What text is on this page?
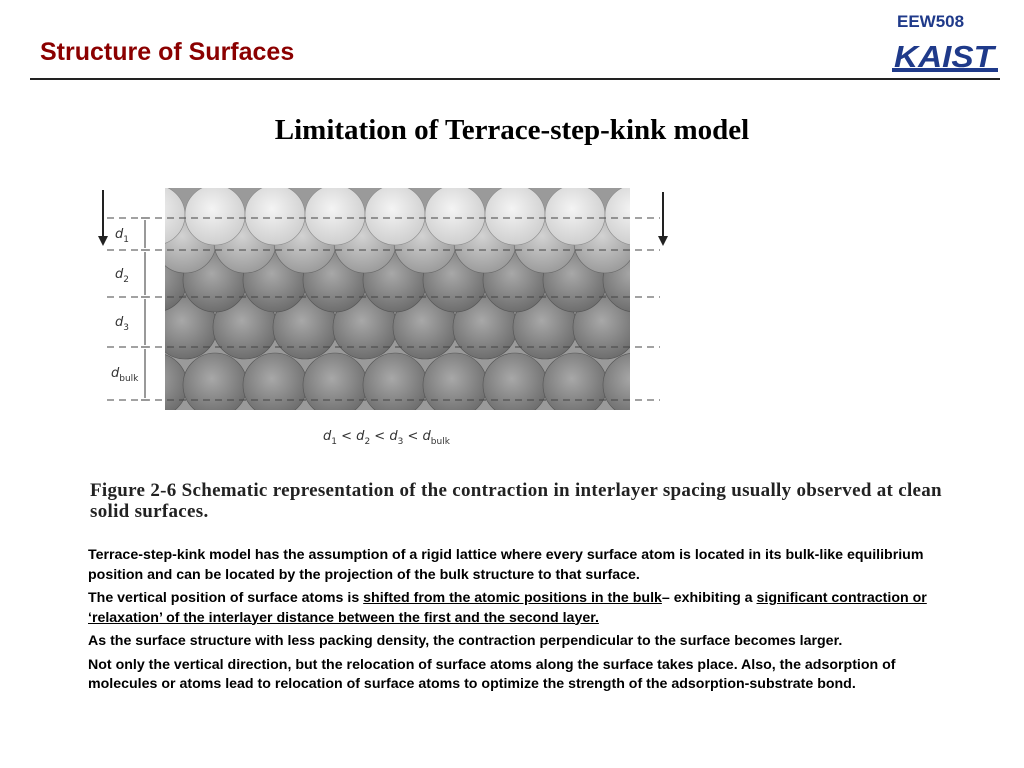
Structure of Surfaces
EEW508
KAIST
Limitation of Terrace-step-kink model
$d_1$
$d_2$
$d_3$
$d_{bulk}$
$d_1 < d_2 < d_3 < d_{bulk}$
Figure 2-6 Schematic representation of the contraction in interlayer spacing usually observed at clean solid surfaces.

Terrace-step-kink model has the assumption of a rigid lattice where every surface atom is located in its bulk-like equilibrium position and can be located by the projection of the bulk structure to that surface.

The vertical position of surface atoms is shifted from the atomic positions in the bulk– exhibiting a significant contraction or ‘relaxation’ of the interlayer distance between the first and the second layer.

As the surface structure with less packing density, the contraction perpendicular to the surface becomes larger.

Not only the vertical direction, but the relocation of surface atoms along the surface takes place. Also, the adsorption of molecules or atoms lead to relocation of surface atoms to optimize the strength of the adsorption-substrate bond.
